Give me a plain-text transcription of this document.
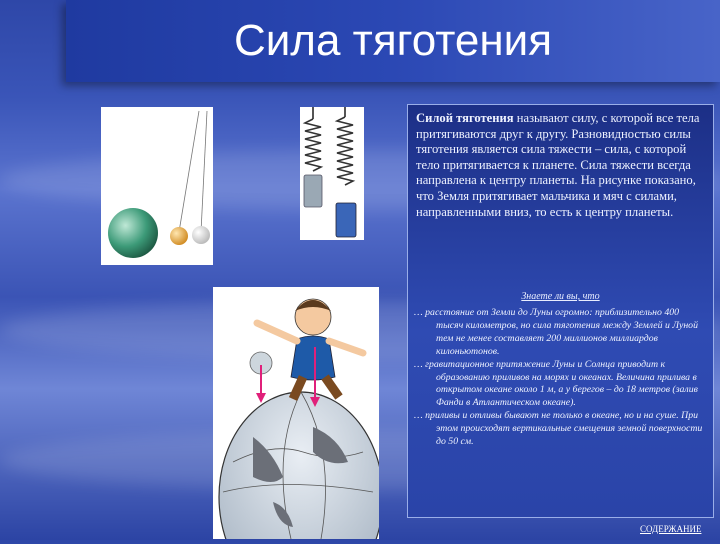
Сила тяготения
Силой тяготения называют силу, с которой все тела притягиваются друг к другу. Разновидностью силы тяготения является сила тяжести – сила, с которой тело притягивается к планете. Сила тяжести всегда направлена к центру планеты. На рисунке показано, что Земля притягивает мальчика и мяч с силами, направленными вниз, то есть к центру планеты.
Знаете ли вы, что
… расстояние от Земли до Луны огромно: приблизительно 400 тысяч километров, но сила тяготения между Землей и Луной тем не менее составляет 200 миллионов миллиардов килоньютонов.
… гравитационное притяжение Луны и Солнца приводит к образованию приливов на морях и океанах. Величина прилива в открытом океане около 1 м, а у берегов – до 18 метров (залив Фанди в Атлантическом океане).
… приливы и отливы бывают не только в океане, но и на суше. При этом происходят вертикальные смещения земной поверхности до 50 см.
СОДЕРЖАНИЕ
